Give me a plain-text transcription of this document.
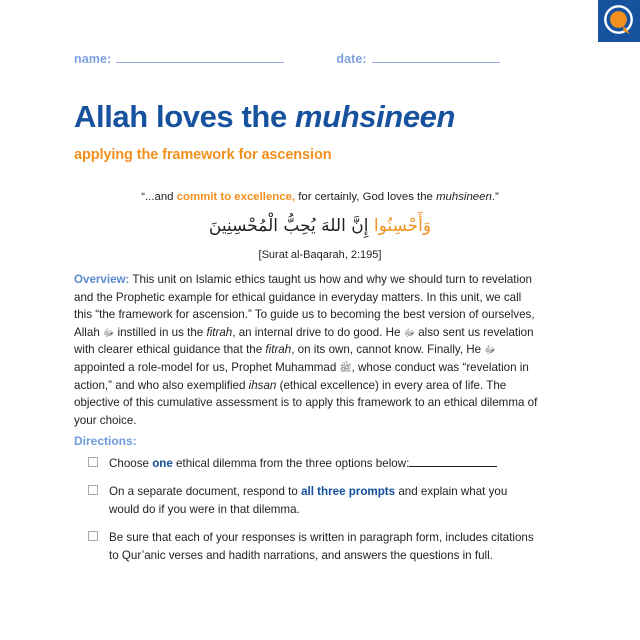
name:	date:
Allah loves the muhsineen
applying the framework for ascension
“...and commit to excellence, for certainly, God loves the muhsineen.”
وَأَحْسِنُوا إِنَّ اللهَ يُحِبُّ الْمُحْسِنِينَ
[Surat al-Baqarah, 2:195]
Overview: This unit on Islamic ethics taught us how and why we should turn to revelation and the Prophetic example for ethical guidance in everyday matters. In this unit, we call this “the framework for ascension.” To guide us to becoming the best version of ourselves, Allah ﷻ instilled in us the fitrah, an internal drive to do good. He ﷻ also sent us revelation with clearer ethical guidance that the fitrah, on its own, cannot know. Finally, He ﷻ appointed a role-model for us, Prophet Muhammad ﷺ, whose conduct was “revelation in action,” and who also exemplified ihsan (ethical excellence) in every area of life. The objective of this cumulative assessment is to apply this framework to an ethical dilemma of your choice.
Directions:
Choose one ethical dilemma from the three options below:
On a separate document, respond to all three prompts and explain what you would do if you were in that dilemma.
Be sure that each of your responses is written in paragraph form, includes citations to Qur’anic verses and hadith narrations, and answers the questions in full.
